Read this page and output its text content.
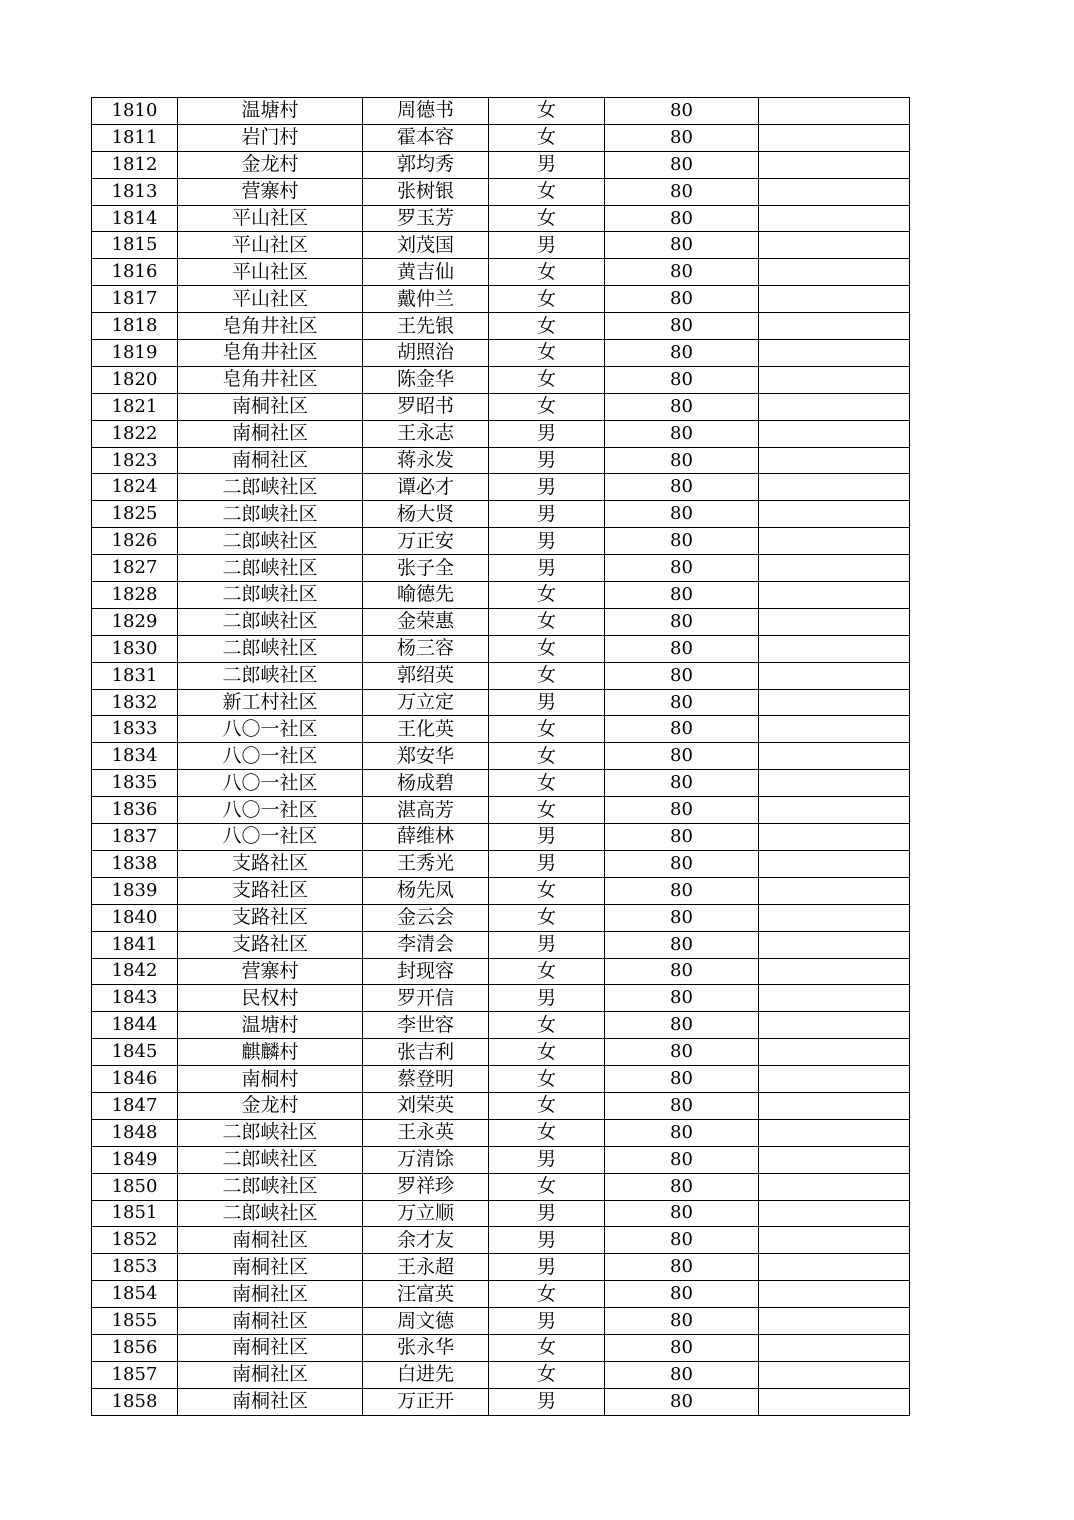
1810	温塘村	周德书	女	80	
1811	岩门村	霍本容	女	80	
1812	金龙村	郭均秀	男	80	
1813	营寨村	张树银	女	80	
1814	平山社区	罗玉芳	女	80	
1815	平山社区	刘茂国	男	80	
1816	平山社区	黄吉仙	女	80	
1817	平山社区	戴仲兰	女	80	
1818	皂角井社区	王先银	女	80	
1819	皂角井社区	胡照治	女	80	
1820	皂角井社区	陈金华	女	80	
1821	南桐社区	罗昭书	女	80	
1822	南桐社区	王永志	男	80	
1823	南桐社区	蒋永发	男	80	
1824	二郎峡社区	谭必才	男	80	
1825	二郎峡社区	杨大贤	男	80	
1826	二郎峡社区	万正安	男	80	
1827	二郎峡社区	张子全	男	80	
1828	二郎峡社区	喻德先	女	80	
1829	二郎峡社区	金荣惠	女	80	
1830	二郎峡社区	杨三容	女	80	
1831	二郎峡社区	郭绍英	女	80	
1832	新工村社区	万立定	男	80	
1833	八〇一社区	王化英	女	80	
1834	八〇一社区	郑安华	女	80	
1835	八〇一社区	杨成碧	女	80	
1836	八〇一社区	湛高芳	女	80	
1837	八〇一社区	薛维林	男	80	
1838	支路社区	王秀光	男	80	
1839	支路社区	杨先凤	女	80	
1840	支路社区	金云会	女	80	
1841	支路社区	李清会	男	80	
1842	营寨村	封现容	女	80	
1843	民权村	罗开信	男	80	
1844	温塘村	李世容	女	80	
1845	麒麟村	张吉利	女	80	
1846	南桐村	蔡登明	女	80	
1847	金龙村	刘荣英	女	80	
1848	二郎峡社区	王永英	女	80	
1849	二郎峡社区	万清馀	男	80	
1850	二郎峡社区	罗祥珍	女	80	
1851	二郎峡社区	万立顺	男	80	
1852	南桐社区	余才友	男	80	
1853	南桐社区	王永超	男	80	
1854	南桐社区	汪富英	女	80	
1855	南桐社区	周文德	男	80	
1856	南桐社区	张永华	女	80	
1857	南桐社区	白进先	女	80	
1858	南桐社区	万正开	男	80	
